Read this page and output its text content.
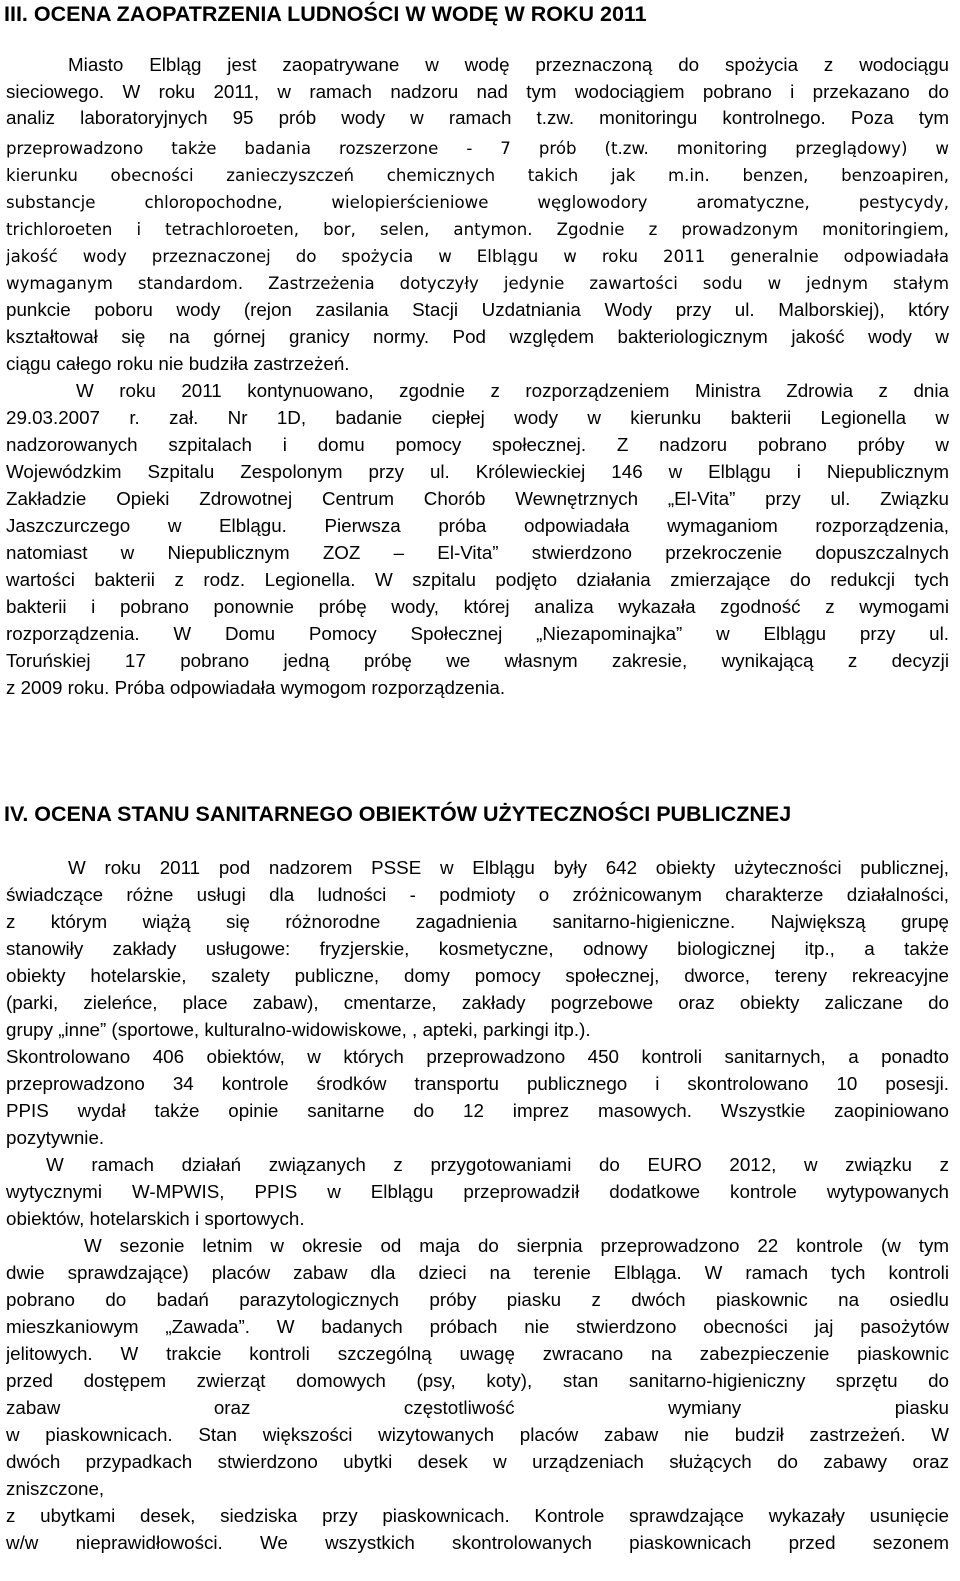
III. OCENA ZAOPATRZENIA LUDNOŚCI W WODĘ W ROKU 2011
Miasto Elbląg jest zaopatrywane w wodę przeznaczoną do spożycia z wodociągu
sieciowego. W roku 2011, w ramach nadzoru nad tym wodociągiem pobrano i przekazano do
analiz laboratoryjnych 95 prób wody w ramach t.zw. monitoringu kontrolnego. Poza tym
przeprowadzono także badania rozszerzone - 7 prób (t.zw. monitoring przeglądowy) w
kierunku obecności zanieczyszczeń chemicznych takich jak m.in. benzen, benzoapiren,
substancje chloropochodne, wielopierścieniowe węglowodory aromatyczne, pestycydy,
trichloroeten i tetrachloroeten, bor, selen, antymon. Zgodnie z prowadzonym monitoringiem,
jakość wody przeznaczonej do spożycia w Elblągu w roku 2011 generalnie odpowiadała
wymaganym standardom. Zastrzeżenia dotyczyły jedynie zawartości sodu w jednym stałym
punkcie poboru wody (rejon zasilania Stacji Uzdatniania Wody przy ul. Malborskiej), który
kształtował się na górnej granicy normy. Pod względem bakteriologicznym jakość wody w
ciągu całego roku nie budziła zastrzeżeń.
W roku 2011 kontynuowano, zgodnie z rozporządzeniem Ministra Zdrowia z dnia
29.03.2007 r. zał. Nr 1D, badanie ciepłej wody w kierunku bakterii Legionella w
nadzorowanych szpitalach i domu pomocy społecznej. Z nadzoru pobrano próby w
Wojewódzkim Szpitalu Zespolonym przy ul. Królewieckiej 146 w Elblągu i Niepublicznym
Zakładzie Opieki Zdrowotnej Centrum Chorób Wewnętrznych „El-Vita” przy ul. Związku
Jaszczurczego w Elblągu. Pierwsza próba odpowiadała wymaganiom rozporządzenia,
natomiast w Niepublicznym ZOZ – El-Vita” stwierdzono przekroczenie dopuszczalnych
wartości bakterii z rodz. Legionella. W szpitalu podjęto działania zmierzające do redukcji tych
bakterii i pobrano ponownie próbę wody, której analiza wykazała zgodność z wymogami
rozporządzenia. W Domu Pomocy Społecznej „Niezapominajka” w Elblągu przy ul.
Toruńskiej 17 pobrano jedną próbę we własnym zakresie, wynikającą z decyzji
z 2009 roku. Próba odpowiadała wymogom rozporządzenia.
IV. OCENA STANU SANITARNEGO OBIEKTÓW UŻYTECZNOŚCI PUBLICZNEJ
W roku 2011 pod nadzorem PSSE w Elblągu były 642 obiekty użyteczności publicznej,
świadczące różne usługi dla ludności - podmioty o zróżnicowanym charakterze działalności,
z którym wiążą się różnorodne zagadnienia sanitarno-higieniczne. Największą grupę
stanowiły zakłady usługowe: fryzjerskie, kosmetyczne, odnowy biologicznej itp., a także
obiekty hotelarskie, szalety publiczne, domy pomocy społecznej, dworce, tereny rekreacyjne
(parki, zieleńce, place zabaw), cmentarze, zakłady pogrzebowe oraz obiekty zaliczane do
grupy „inne” (sportowe, kulturalno-widowiskowe, , apteki, parkingi itp.).
Skontrolowano 406 obiektów, w których przeprowadzono 450 kontroli sanitarnych, a ponadto
przeprowadzono 34 kontrole środków transportu publicznego i skontrolowano 10 posesji.
PPIS wydał także opinie sanitarne do 12 imprez masowych. Wszystkie zaopiniowano
pozytywnie.
W ramach działań związanych z przygotowaniami do EURO 2012, w związku z
wytycznymi W-MPWIS, PPIS w Elblągu przeprowadził dodatkowe kontrole wytypowanych
obiektów, hotelarskich i sportowych.
W sezonie letnim w okresie od maja do sierpnia przeprowadzono 22 kontrole (w tym
dwie sprawdzające) placów zabaw dla dzieci na terenie Elbląga. W ramach tych kontroli
pobrano do badań parazytologicznych próby piasku z dwóch piaskownic na osiedlu
mieszkaniowym „Zawada”. W badanych próbach nie stwierdzono obecności jaj pasożytów
jelitowych. W trakcie kontroli szczególną uwagę zwracano na zabezpieczenie piaskownic
przed dostępem zwierząt domowych (psy, koty), stan sanitarno-higieniczny sprzętu do
zabaw oraz częstotliwość wymiany piasku
w piaskownicach. Stan większości wizytowanych placów zabaw nie budził zastrzeżeń. W
dwóch przypadkach stwierdzono ubytki desek w urządzeniach służących do zabawy oraz
zniszczone,
z ubytkami desek, siedziska przy piaskownicach. Kontrole sprawdzające wykazały usunięcie
w/w nieprawidłowości. We wszystkich skontrolowanych piaskownicach przed sezonem
